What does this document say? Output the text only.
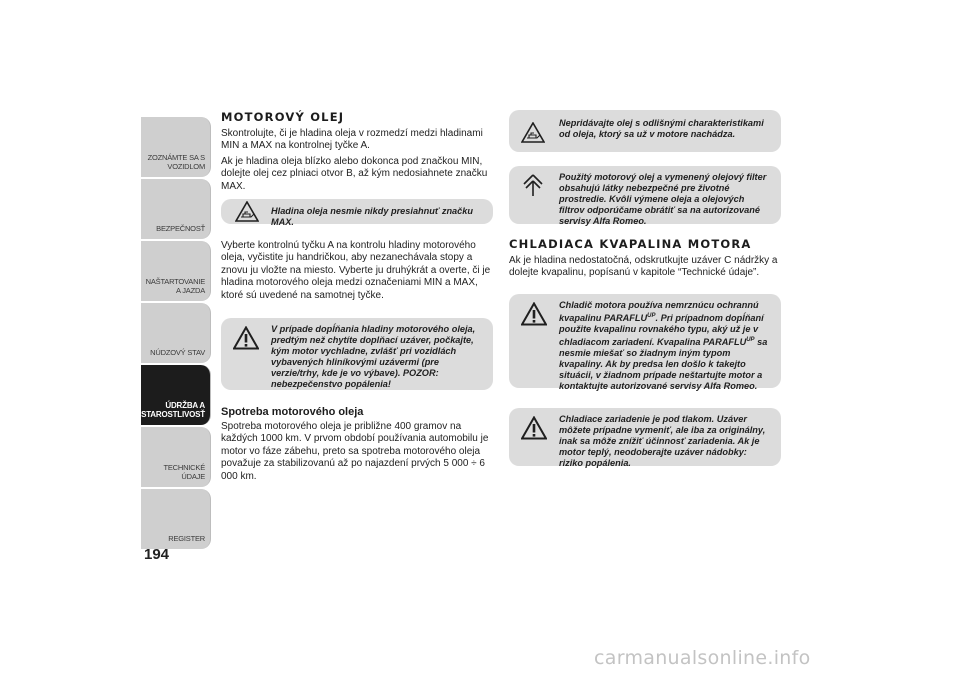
ZOZNÁMTE SA S VOZIDLOM
BEZPEČNOSŤ
NAŠTARTOVANIE A JAZDA
NÚDZOVÝ STAV
ÚDRŽBA A STAROSTLIVOSŤ
TECHNICKÉ ÚDAJE
REGISTER
194
MOTOROVÝ OLEJ

Skontrolujte, či je hladina oleja v rozmedzí medzi hladinami MIN a MAX na kontrolnej tyčke A.

Ak je hladina oleja blízko alebo dokonca pod značkou MIN, dolejte olej cez plniaci otvor B, až kým nedosiahnete značku MAX.

Hladina oleja nesmie nikdy presiahnuť značku MAX.

Vyberte kontrolnú tyčku A na kontrolu hladiny motorového oleja, vyčistite ju handričkou, aby nezanechávala stopy a znovu ju vložte na miesto. Vyberte ju druhýkrát a overte, či je hladina motorového oleja medzi označeniami MIN a MAX, ktoré sú uvedené na samotnej tyčke.

V prípade dopĺňania hladiny motorového oleja, predtým než chytíte doplňací uzáver, počkajte, kým motor vychladne, zvlášť pri vozidlách vybavených hliníkovými uzávermi (pre verzie/trhy, kde je vo výbave). POZOR: nebezpečenstvo popálenia!
Spotreba motorového oleja

Spotreba motorového oleja je približne 400 gramov na každých 1000 km. V prvom období používania automobilu je motor vo fáze zábehu, preto sa spotreba motorového oleja považuje za stabilizovanú až po najazdení prvých 5 000 ÷ 6 000 km.

Nepridávajte olej s odlišnými charakteristikami od oleja, ktorý sa už v motore nachádza.
Použitý motorový olej a vymenený olejový filter obsahujú látky nebezpečné pre životné prostredie. Kvôli výmene oleja a olejových filtrov odporúčame obrátiť sa na autorizované servisy Alfa Romeo.
CHLADIACA KVAPALINA MOTORA

Ak je hladina nedostatočná, odskrutkujte uzáver C nádržky a dolejte kvapalinu, popísanú v kapitole “Technické údaje”.

Chladič motora používa nemrznúcu ochrannú kvapalinu $PARAFLU^{UP}$. Pri prípadnom dopĺňaní použite kvapalinu rovnakého typu, aký už je v chladiacom zariadení. Kvapalina $PARAFLU^{UP}$ sa nesmie miešať so žiadnym iným typom kvapaliny. Ak by predsa len došlo k takejto situácii, v žiadnom prípade neštartujte motor a kontaktujte autorizované servisy Alfa Romeo.
Chladiace zariadenie je pod tlakom. Uzáver môžete prípadne vymeniť, ale iba za originálny, inak sa môže znížiť účinnosť zariadenia. Ak je motor teplý, neodoberajte uzáver nádobky: riziko popálenia.
carmanualsonline.info
